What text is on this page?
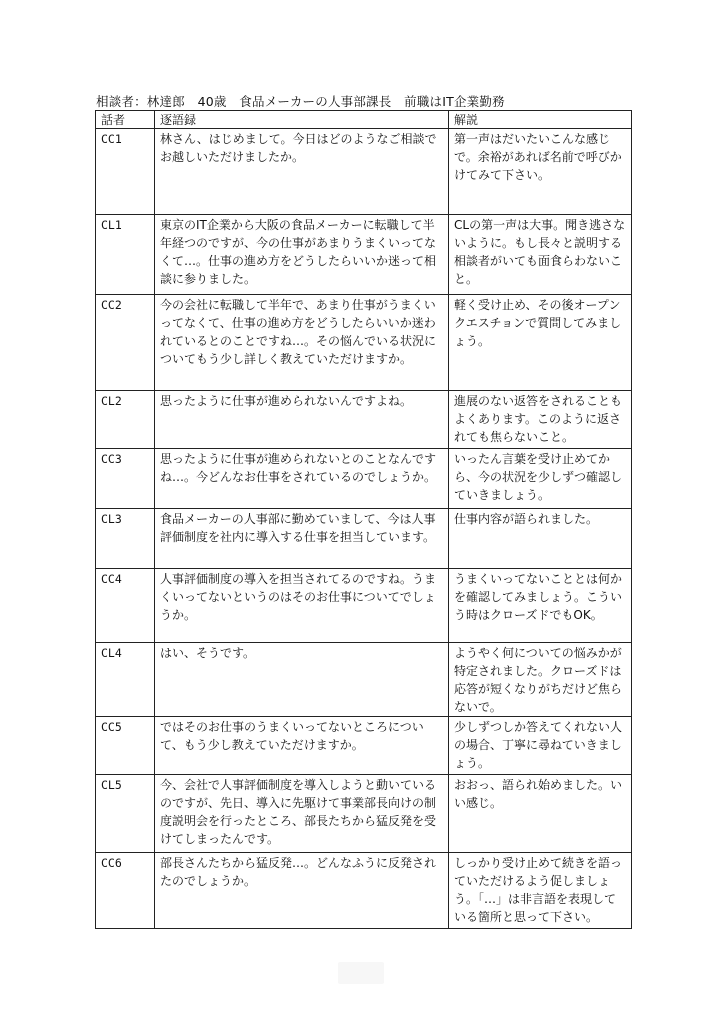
相談者：林達郎　40歳　食品メーカーの人事部課長　前職はIT企業勤務
話者	逐語録	解説
CC1	林さん、はじめまして。今日はどのようなご相談でお越しいただけましたか。	第一声はだいたいこんな感じで。余裕があれば名前で呼びかけてみて下さい。
CL1	東京のIT企業から大阪の食品メーカーに転職して半年経つのですが、今の仕事があまりうまくいってなくて…。仕事の進め方をどうしたらいいか迷って相談に参りました。	CLの第一声は大事。聞き逃さないように。もし長々と説明する相談者がいても面食らわないこと。
CC2	今の会社に転職して半年で、あまり仕事がうまくいってなくて、仕事の進め方をどうしたらいいか迷われているとのことですね…。その悩んでいる状況についてもう少し詳しく教えていただけますか。	軽く受け止め、その後オープンクエスチョンで質問してみましょう。
CL2	思ったように仕事が進められないんですよね。	進展のない返答をされることもよくあります。このように返されても焦らないこと。
CC3	思ったように仕事が進められないとのことなんですね…。今どんなお仕事をされているのでしょうか。	いったん言葉を受け止めてから、今の状況を少しずつ確認していきましょう。
CL3	食品メーカーの人事部に勤めていまして、今は人事評価制度を社内に導入する仕事を担当しています。	仕事内容が語られました。
CC4	人事評価制度の導入を担当されてるのですね。うまくいってないというのはそのお仕事についてでしょうか。	うまくいってないこととは何かを確認してみましょう。こういう時はクローズドでもOK。
CL4	はい、そうです。	ようやく何についての悩みかが特定されました。クローズドは応答が短くなりがちだけど焦らないで。
CC5	ではそのお仕事のうまくいってないところについて、もう少し教えていただけますか。	少しずつしか答えてくれない人の場合、丁寧に尋ねていきましょう。
CL5	今、会社で人事評価制度を導入しようと動いているのですが、先日、導入に先駆けて事業部長向けの制度説明会を行ったところ、部長たちから猛反発を受けてしまったんです。	おおっ、語られ始めました。いい感じ。
CC6	部長さんたちから猛反発…。どんなふうに反発されたのでしょうか。	しっかり受け止めて続きを語っていただけるよう促しましょう。「…」は非言語を表現している箇所と思って下さい。
